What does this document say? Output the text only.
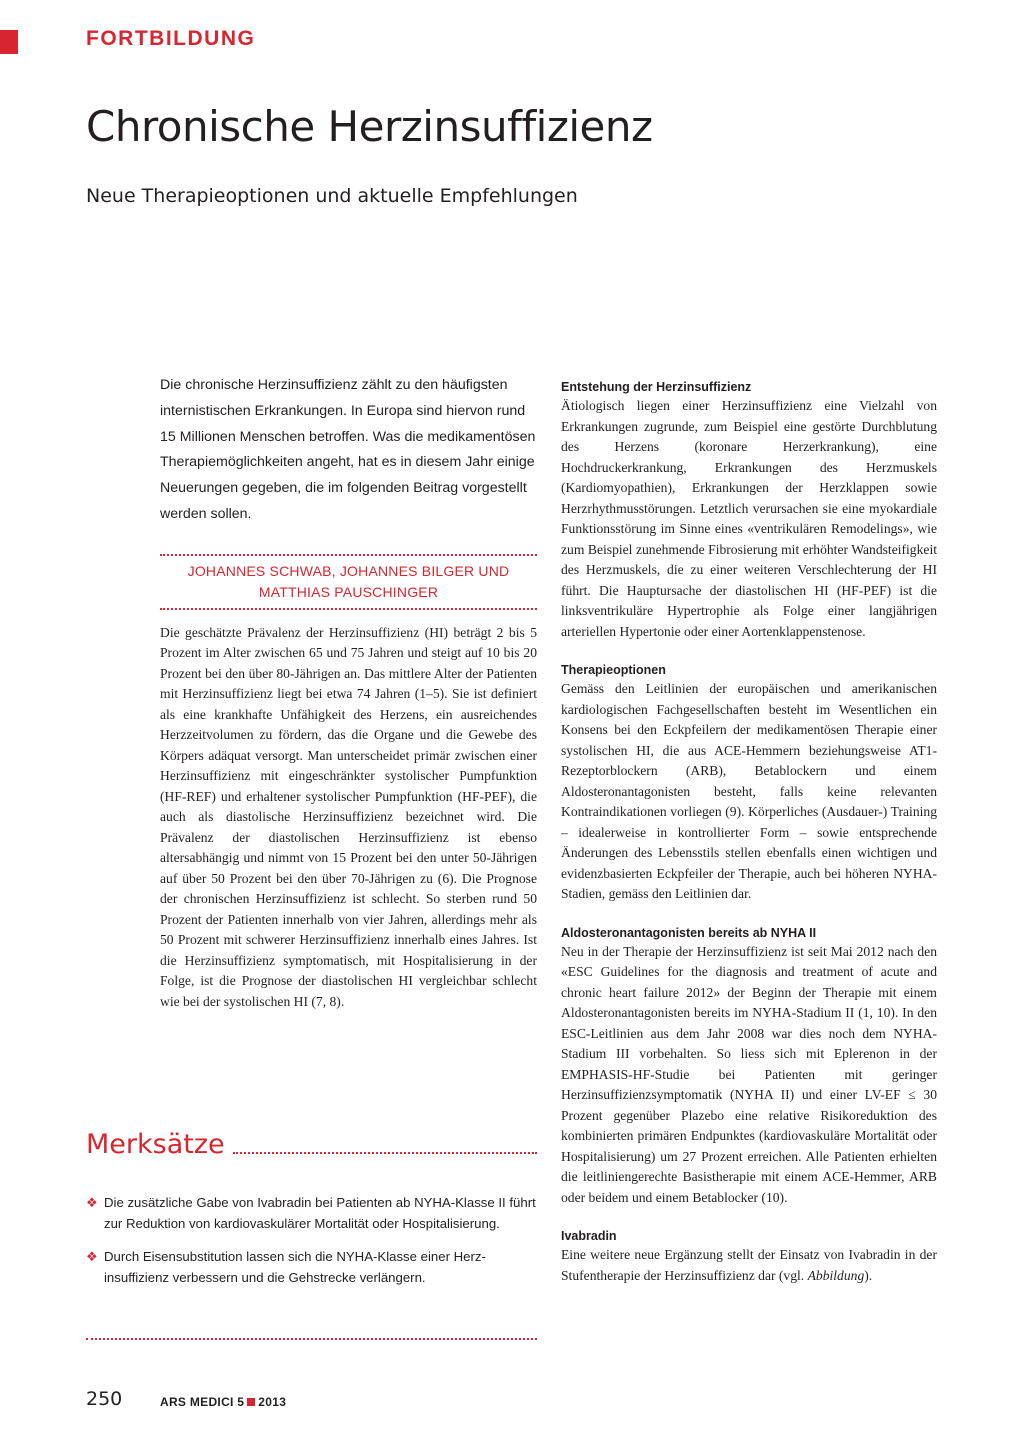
FORTBILDUNG
Chronische Herzinsuffizienz
Neue Therapieoptionen und aktuelle Empfehlungen

Die chronische Herzinsuffizienz zählt zu den häufigsten internistischen Erkrankungen. In Europa sind hiervon rund 15 Millionen Menschen betroffen. Was die medikamentösen Therapiemöglichkeiten angeht, hat es in diesem Jahr einige Neuerungen gegeben, die im folgenden Beitrag vorgestellt werden sollen.

JOHANNES SCHWAB, JOHANNES BILGER UND MATTHIAS PAUSCHINGER

Die geschätzte Prävalenz der Herzinsuffizienz (HI) beträgt 2 bis 5 Prozent im Alter zwischen 65 und 75 Jahren und steigt auf 10 bis 20 Prozent bei den über 80-Jährigen an. Das mittlere Alter der Patienten mit Herzinsuffizienz liegt bei etwa 74 Jahren (1–5). Sie ist definiert als eine krankhafte Unfähigkeit des Herzens, ein ausreichendes Herzzeitvolumen zu fördern, das die Organe und die Gewebe des Körpers adäquat versorgt. Man unterscheidet primär zwischen einer Herzinsuffizienz mit eingeschränkter systolischer Pumpfunktion (HF-REF) und erhaltener systolischer Pumpfunktion (HF-PEF), die auch als diastolische Herzinsuffizienz bezeichnet wird. Die Prävalenz der diastolischen Herzinsuffizienz ist ebenso altersabhängig und nimmt von 15 Prozent bei den unter 50-Jährigen auf über 50 Prozent bei den über 70-Jährigen zu (6). Die Prognose der chronischen Herzinsuffizienz ist schlecht. So sterben rund 50 Prozent der Patienten innerhalb von vier Jahren, allerdings mehr als 50 Prozent mit schwerer Herzinsuffizienz innerhalb eines Jahres. Ist die Herzinsuffizienz symptomatisch, mit Hospitalisierung in der Folge, ist die Prognose der diastolischen HI vergleichbar schlecht wie bei der systolischen HI (7, 8).

Merksätze
❖ Die zusätzliche Gabe von Ivabradin bei Patienten ab NYHA-Klasse II führt zur Reduktion von kardiovaskulärer Mortalität oder Hospitalisierung.
❖ Durch Eisensubstitution lassen sich die NYHA-Klasse einer Herzinsuffizienz verbessern und die Gehstrecke verlängern.
Entstehung der Herzinsuffizienz

Ätiologisch liegen einer Herzinsuffizienz eine Vielzahl von Erkrankungen zugrunde, zum Beispiel eine gestörte Durchblutung des Herzens (koronare Herzerkrankung), eine Hochdruckerkrankung, Erkrankungen des Herzmuskels (Kardiomyopathien), Erkrankungen der Herzklappen sowie Herzrhythmusstörungen. Letztlich verursachen sie eine myokardiale Funktionsstörung im Sinne eines «ventrikulären Remodelings», wie zum Beispiel zunehmende Fibrosierung mit erhöhter Wandsteifigkeit des Herzmuskels, die zu einer weiteren Verschlechterung der HI führt. Die Hauptursache der diastolischen HI (HF-PEF) ist die linksventrikuläre Hypertrophie als Folge einer langjährigen arteriellen Hypertonie oder einer Aortenklappenstenose.

Therapieoptionen

Gemäss den Leitlinien der europäischen und amerikanischen kardiologischen Fachgesellschaften besteht im Wesentlichen ein Konsens bei den Eckpfeilern der medikamentösen Therapie einer systolischen HI, die aus ACE-Hemmern beziehungsweise AT1-Rezeptorblockern (ARB), Betablockern und einem Aldosteronantagonisten besteht, falls keine relevanten Kontraindikationen vorliegen (9). Körperliches (Ausdauer-) Training – idealerweise in kontrollierter Form – sowie entsprechende Änderungen des Lebensstils stellen ebenfalls einen wichtigen und evidenzbasierten Eckpfeiler der Therapie, auch bei höheren NYHA-Stadien, gemäss den Leitlinien dar.

Aldosteronantagonisten bereits ab NYHA II

Neu in der Therapie der Herzinsuffizienz ist seit Mai 2012 nach den «ESC Guidelines for the diagnosis and treatment of acute and chronic heart failure 2012» der Beginn der Therapie mit einem Aldosteronantagonisten bereits im NYHA-Stadium II (1, 10). In den ESC-Leitlinien aus dem Jahr 2008 war dies noch dem NYHA-Stadium III vorbehalten. So liess sich mit Eplerenon in der EMPHASIS-HF-Studie bei Patienten mit geringer Herzinsuffizienzsymptomatik (NYHA II) und einer LV-EF ≤ 30 Prozent gegenüber Plazebo eine relative Risikoreduktion des kombinierten primären Endpunktes (kardiovaskuläre Mortalität oder Hospitalisierung) um 27 Prozent erreichen. Alle Patienten erhielten die leitliniengerechte Basistherapie mit einem ACE-Hemmer, ARB oder beidem und einem Betablocker (10).

Ivabradin

Eine weitere neue Ergänzung stellt der Einsatz von Ivabradin in der Stufentherapie der Herzinsuffizienz dar (vgl. Abbildung).

250	ARS MEDICI 5 2013
